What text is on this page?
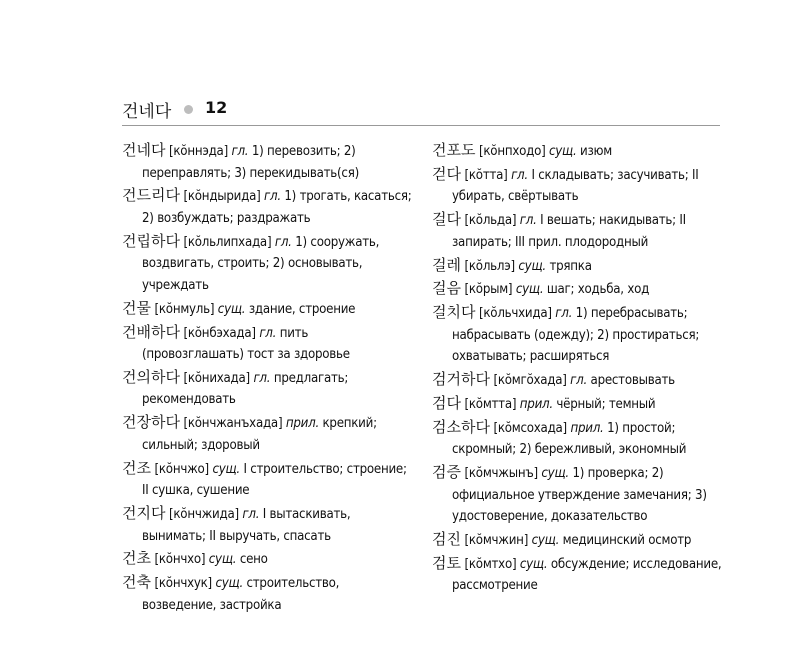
건네다 12
건네다 [кŏннэда] гл. 1) перевозить; 2) переправлять; 3) перекидывать(ся)
건드리다 [кŏндырида] гл. 1) трогать, касаться; 2) возбуждать; раздражать
건립하다 [кŏльлипхада] гл. 1) сооружать, воздвигать, строить; 2) основывать, учреждать
건물 [кŏнмуль] сущ. здание, строение
건배하다 [кŏнбэхада] гл. пить (провозглашать) тост за здоровье
건의하다 [кŏнихада] гл. предлагать; рекомендовать
건장하다 [кŏнчжанъхада] прил. крепкий; сильный; здоровый
건조 [кŏнчжо] сущ. I строительство; строение; II сушка, сушение
건지다 [кŏнчжида] гл. I вытаскивать, вынимать; II выручать, спасать
건초 [кŏнчхо] сущ. сено
건축 [кŏнчхук] сущ. строительство, возведение, застройка
건포도 [кŏнпходо] сущ. изюм
걷다 [кŏтта] гл. I складывать; засучивать; II убирать, свёртывать
걸다 [кŏльда] гл. I вешать; накидывать; II запирать; III прил. плодородный
걸레 [кŏльлэ] сущ. тряпка
걸음 [кŏрым] сущ. шаг; ходьба, ход
걸치다 [кŏльчхида] гл. 1) перебрасывать; набрасывать (одежду); 2) простираться; охватывать; расширяться
검거하다 [кŏмгŏхада] гл. арестовывать
검다 [кŏмтта] прил. чёрный; темный
검소하다 [кŏмсохада] прил. 1) простой; скромный; 2) бережливый, экономный
검증 [кŏмчжынъ] сущ. 1) проверка; 2) официальное утверждение замечания; 3) удостоверение, доказательство
검진 [кŏмчжин] сущ. медицинский осмотр
검토 [кŏмтхо] сущ. обсуждение; исследование, рассмотрение
